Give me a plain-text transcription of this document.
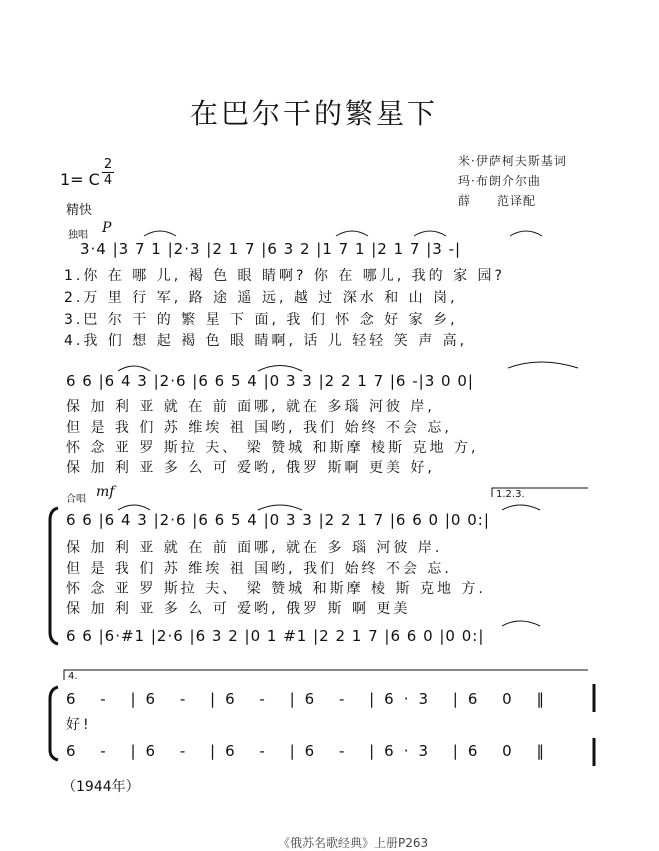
在巴尔干的繁星下
米·伊萨柯夫斯基词
玛·布朗介尔曲
薛　　范译配
1= C
2
4
精快
独唱 P
3·4 |3 7 1 |2·3 |2 1 7 |6 3 2 |1 7 1 |2 1 7 |3 -|
1.你 在 哪 儿, 褐 色 眼 睛啊? 你 在 哪儿, 我的 家 园?
2.万 里 行 军, 路 途 遥 远, 越 过 深水 和 山 岗,
3.巴 尔 干 的 繁 星 下 面, 我 们 怀 念 好 家 乡,
4.我 们 想 起 褐 色 眼 睛啊, 话 儿 轻轻 笑 声 高,
6 6 |6 4 3 |2·6 |6 6 5 4 |0 3 3 |2 2 1 7 |6 -|3 0 0|
保 加 利 亚 就 在 前 面哪, 就在 多瑙 河彼 岸,
但 是 我 们 苏 维埃 祖 国哟, 我们 始终 不会 忘,
怀 念 亚 罗 斯拉 夫、 梁 赞城 和斯摩 棱斯 克地 方,
保 加 利 亚 多 么 可 爱哟, 俄罗 斯啊 更美 好,
合唱 mf	1.2.3.
6 6 |6 4 3 |2·6 |6 6 5 4 |0 3 3 |2 2 1 7 |6 6 0 |0 0:|
保 加 利 亚 就 在 前 面哪, 就在 多 瑙 河彼 岸.
但 是 我 们 苏 维埃 祖 国哟, 我们 始终 不会 忘.
怀 念 亚 罗 斯拉 夫、 梁 赞城 和斯摩 棱 斯 克地 方.
保 加 利 亚 多 么 可 爱哟, 俄罗 斯 啊 更美
6 6 |6·#1 |2·6 |6 3 2 |0 1 #1 |2 2 1 7 |6 6 0 |0 0:|
4.
6 - |6 - |6 - |6 - |6·3 |6 0 ‖
好!
6 - |6 - |6 - |6 - |6·3 |6 0 ‖
（1944年）
《俄苏名歌经典》上册P263
